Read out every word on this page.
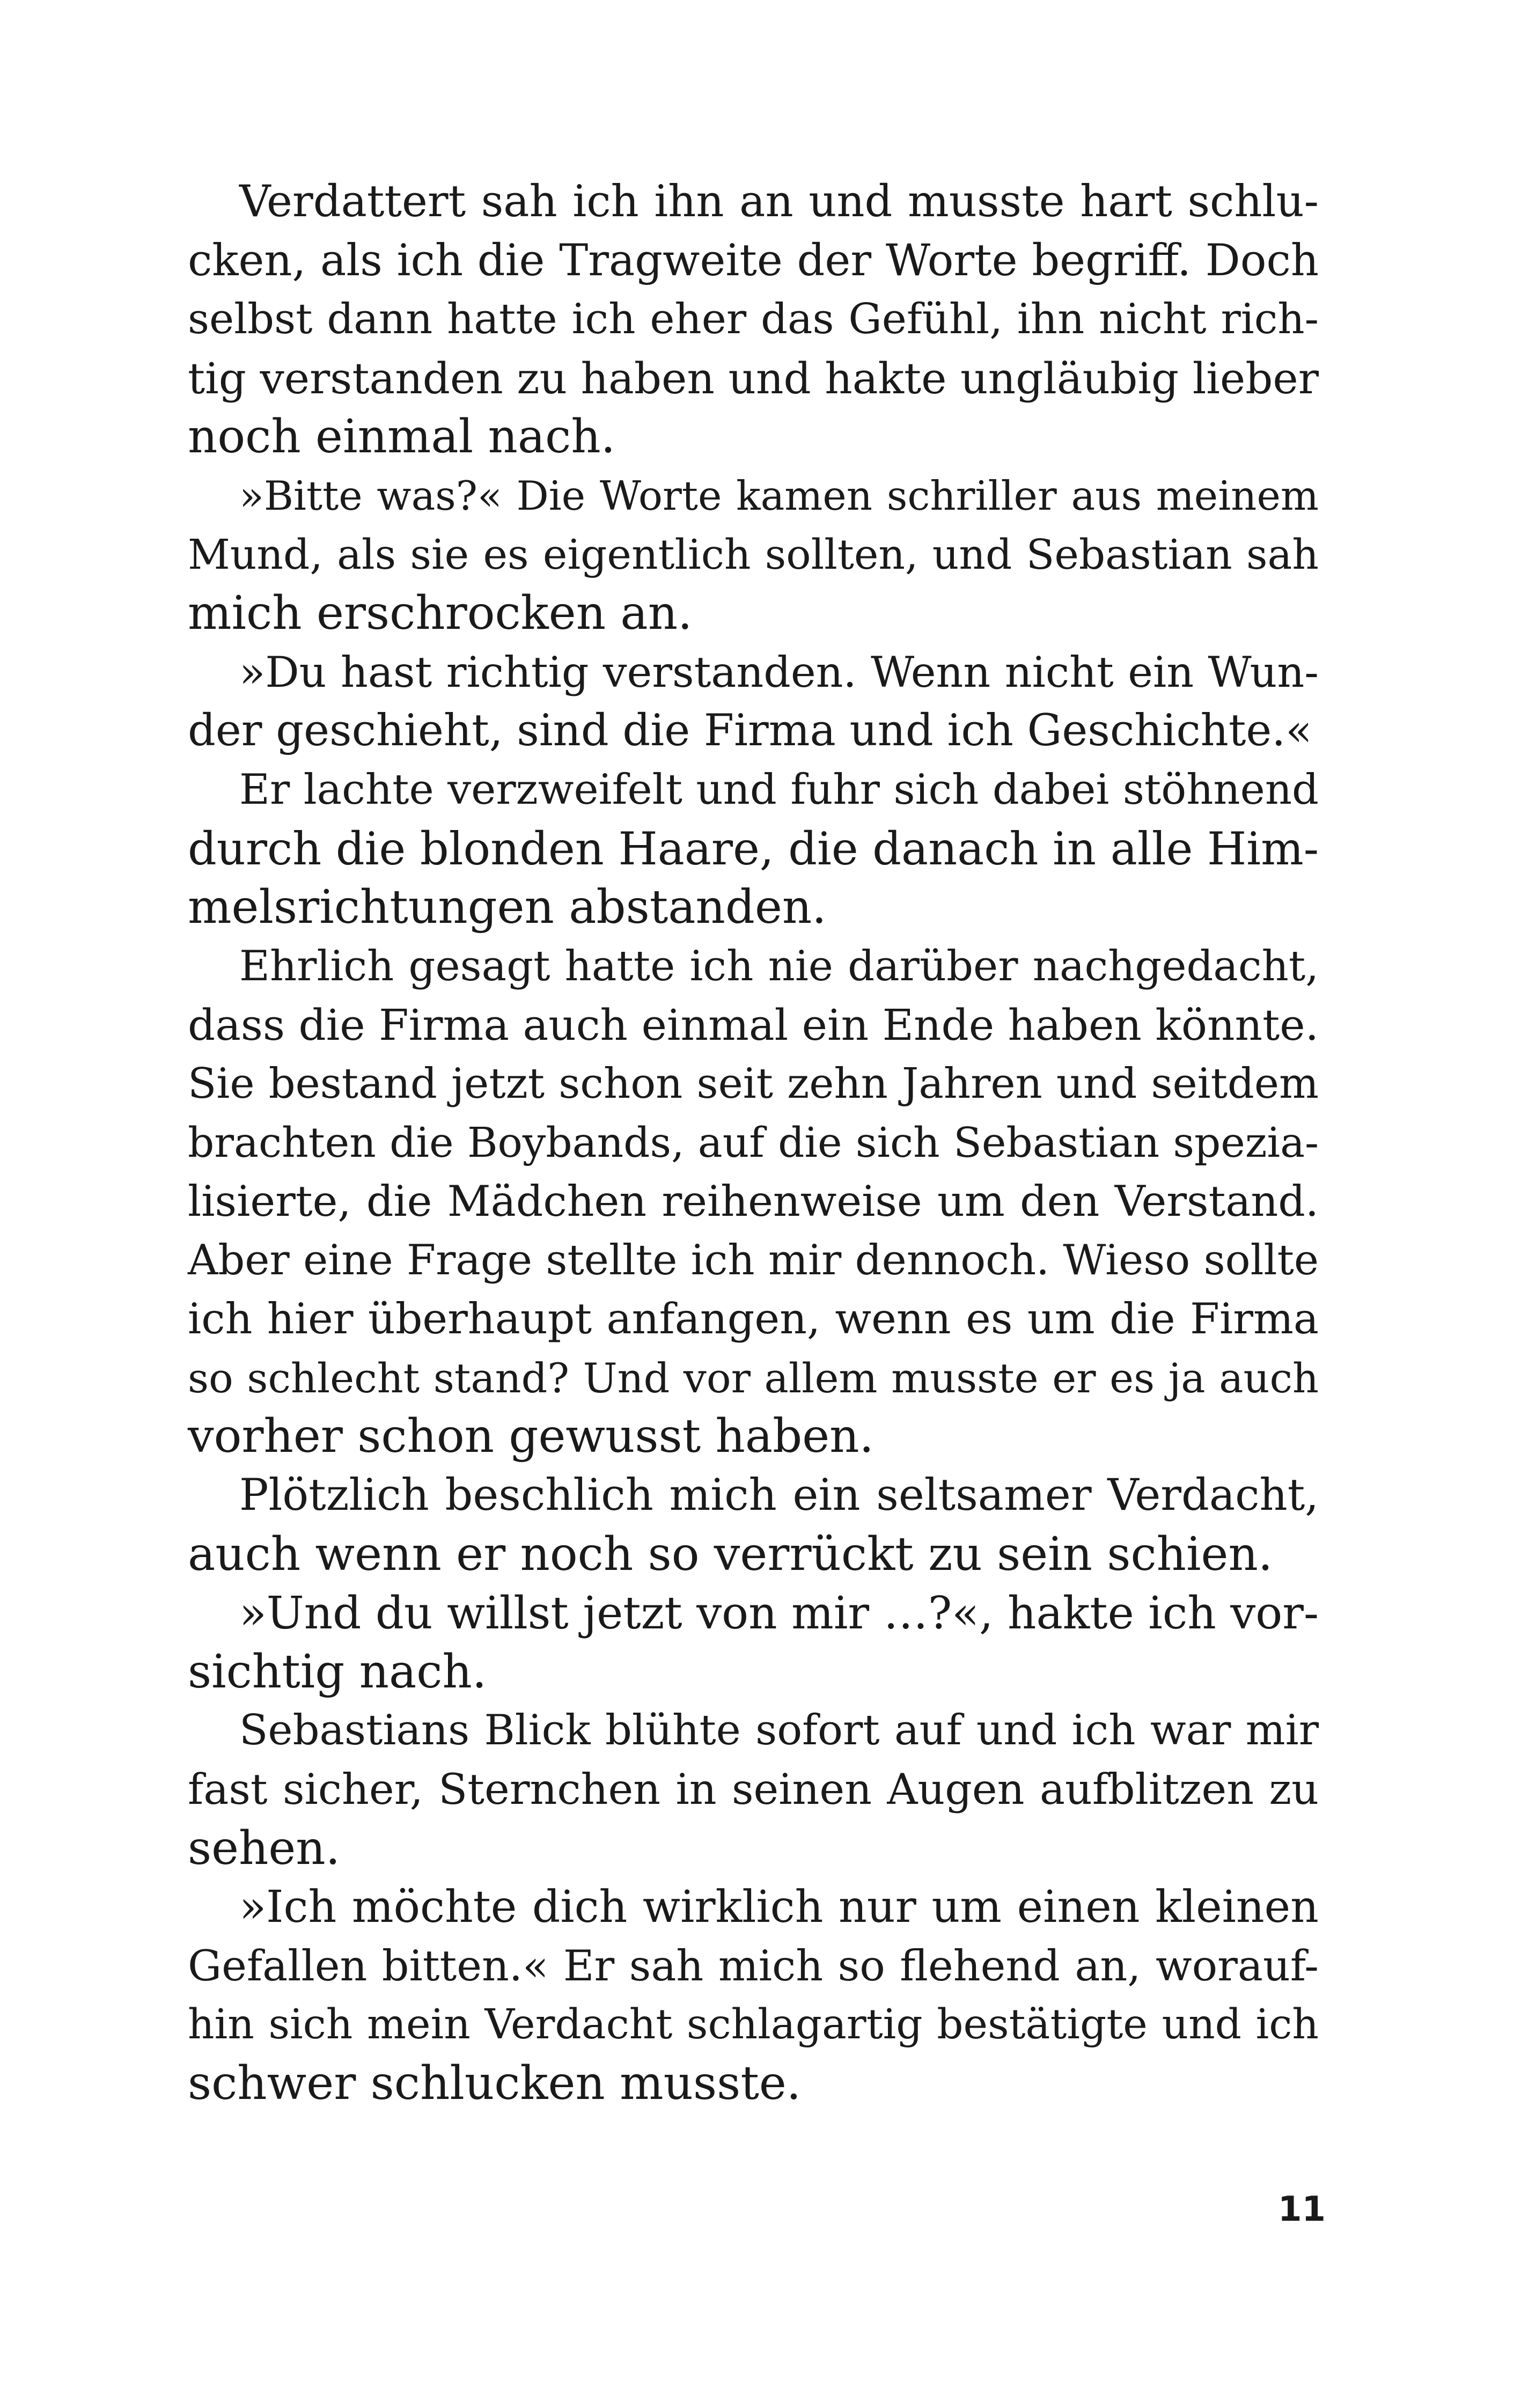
Verdattert sah ich ihn an und musste hart schlu-
cken, als ich die Tragweite der Worte begriff. Doch
selbst dann hatte ich eher das Gefühl, ihn nicht rich-
tig verstanden zu haben und hakte ungläubig lieber
noch einmal nach.
»Bitte was?« Die Worte kamen schriller aus meinem
Mund, als sie es eigentlich sollten, und Sebastian sah
mich erschrocken an.
»Du hast richtig verstanden. Wenn nicht ein Wun-
der geschieht, sind die Firma und ich Geschichte.«
Er lachte verzweifelt und fuhr sich dabei stöhnend
durch die blonden Haare, die danach in alle Him-
melsrichtungen abstanden.
Ehrlich gesagt hatte ich nie darüber nachgedacht,
dass die Firma auch einmal ein Ende haben könnte.
Sie bestand jetzt schon seit zehn Jahren und seitdem
brachten die Boybands, auf die sich Sebastian spezia-
lisierte, die Mädchen reihenweise um den Verstand.
Aber eine Frage stellte ich mir dennoch. Wieso sollte
ich hier überhaupt anfangen, wenn es um die Firma
so schlecht stand? Und vor allem musste er es ja auch
vorher schon gewusst haben.
Plötzlich beschlich mich ein seltsamer Verdacht,
auch wenn er noch so verrückt zu sein schien.
»Und du willst jetzt von mir …?«, hakte ich vor-
sichtig nach.
Sebastians Blick blühte sofort auf und ich war mir
fast sicher, Sternchen in seinen Augen aufblitzen zu
sehen.
»Ich möchte dich wirklich nur um einen kleinen
Gefallen bitten.« Er sah mich so flehend an, worauf-
hin sich mein Verdacht schlagartig bestätigte und ich
schwer schlucken musste.
11
